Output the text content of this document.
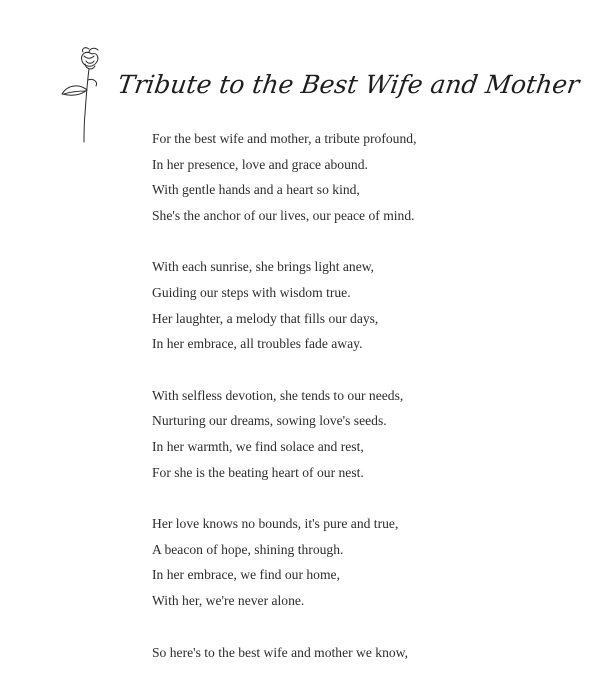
Tribute to the Best Wife and Mother
For the best wife and mother, a tribute profound,
In her presence, love and grace abound.
With gentle hands and a heart so kind,
She's the anchor of our lives, our peace of mind.
With each sunrise, she brings light anew,
Guiding our steps with wisdom true.
Her laughter, a melody that fills our days,
In her embrace, all troubles fade away.
With selfless devotion, she tends to our needs,
Nurturing our dreams, sowing love's seeds.
In her warmth, we find solace and rest,
For she is the beating heart of our nest.
Her love knows no bounds, it's pure and true,
A beacon of hope, shining through.
In her embrace, we find our home,
With her, we're never alone.
So here's to the best wife and mother we know,
